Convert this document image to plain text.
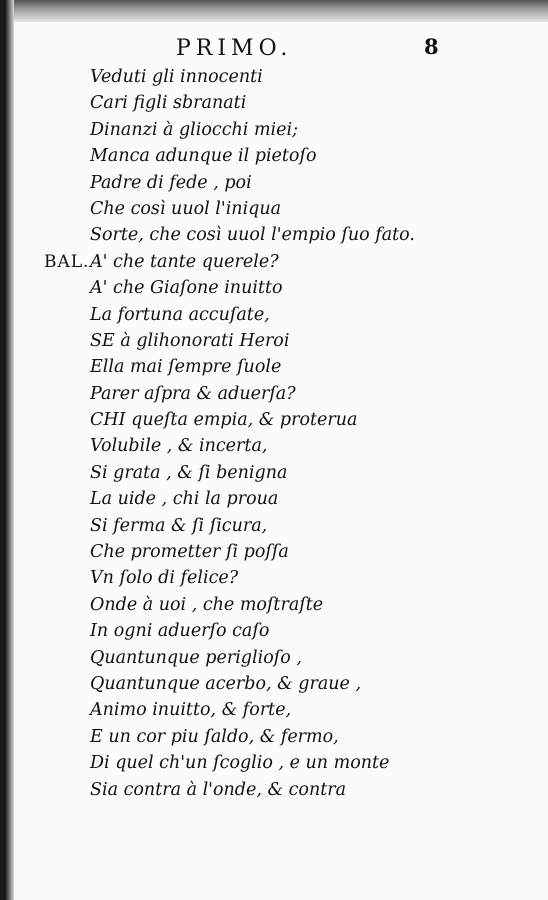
PRIMO.	8
Veduti gli innocenti
Cari figli sbranati
Dinanzi à gliocchi miei;
Manca adunque il pietoſo
Padre di fede , poi
Che così uuol l'iniqua
Sorte, che così uuol l'empio ſuo fato.
BAL. A' che tante querele?
A' che Giaſone inuitto
La fortuna accuſate,
SE à glihonorati Heroi
Ella mai ſempre ſuole
Parer aſpra & aduerſa?
CHI queſta empia, & proterua
Volubile , & incerta,
Si grata , & ſi benigna
La uide , chi la proua
Si ferma & ſi ſicura,
Che prometter ſi poſſa
Vn ſolo di felice?
Onde à uoi , che moſtraſte
In ogni aduerſo caſo
Quantunque periglioſo ,
Quantunque acerbo, & graue ,
Animo inuitto, & forte,
E un cor piu ſaldo, & fermo,
Di quel ch'un ſcoglio , e un monte
Sia contra à l'onde, & contra
